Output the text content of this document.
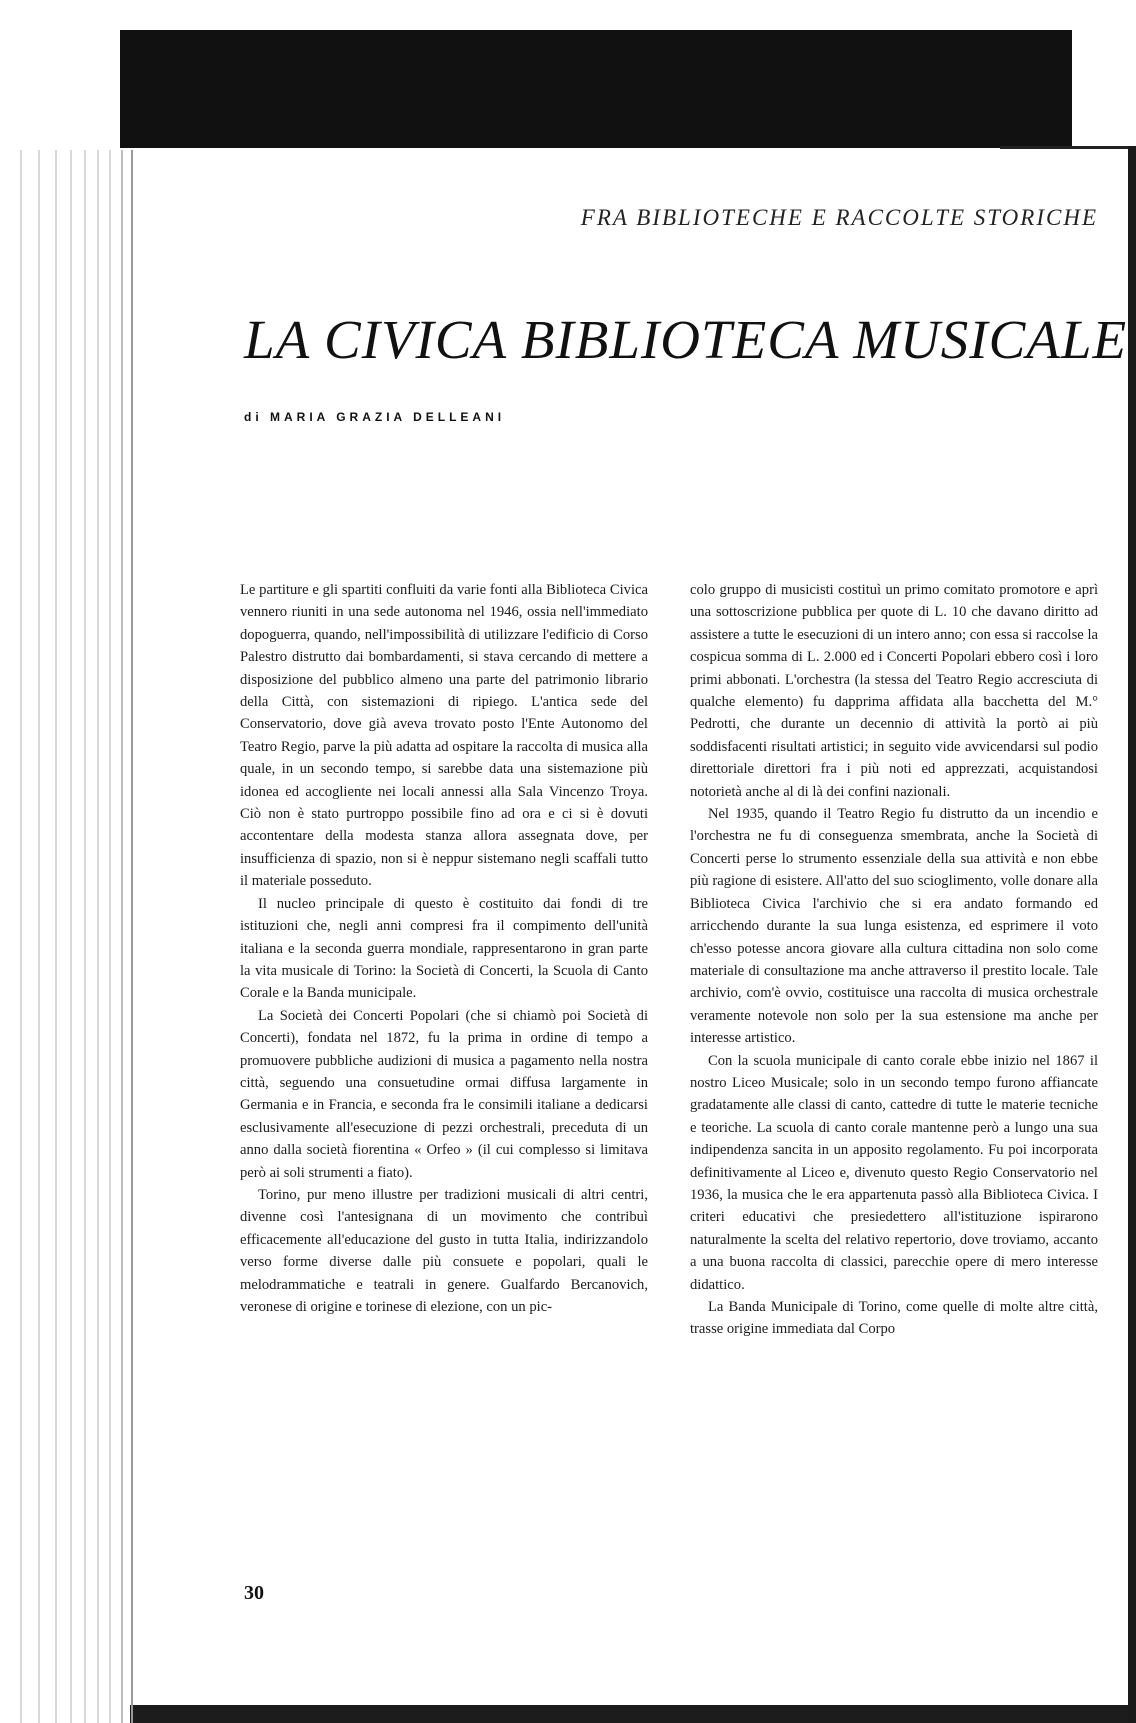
FRA BIBLIOTECHE E RACCOLTE STORICHE
LA CIVICA BIBLIOTECA MUSICALE
di MARIA GRAZIA DELLEANI

Le partiture e gli spartiti confluiti da varie fonti alla Biblioteca Civica vennero riuniti in una sede autonoma nel 1946, ossia nell'immediato dopoguerra, quando, nell'impossibilità di utilizzare l'edificio di Corso Palestro distrutto dai bombardamenti, si stava cercando di mettere a disposizione del pubblico almeno una parte del patrimonio librario della Città, con sistemazioni di ripiego. L'antica sede del Conservatorio, dove già aveva trovato posto l'Ente Autonomo del Teatro Regio, parve la più adatta ad ospitare la raccolta di musica alla quale, in un secondo tempo, si sarebbe data una sistemazione più idonea ed accogliente nei locali annessi alla Sala Vincenzo Troya. Ciò non è stato purtroppo possibile fino ad ora e ci si è dovuti accontentare della modesta stanza allora assegnata dove, per insufficienza di spazio, non si è neppur sistemano negli scaffali tutto il materiale posseduto.

Il nucleo principale di questo è costituito dai fondi di tre istituzioni che, negli anni compresi fra il compimento dell'unità italiana e la seconda guerra mondiale, rappresentarono in gran parte la vita musicale di Torino: la Società di Concerti, la Scuola di Canto Corale e la Banda municipale.

La Società dei Concerti Popolari (che si chiamò poi Società di Concerti), fondata nel 1872, fu la prima in ordine di tempo a promuovere pubbliche audizioni di musica a pagamento nella nostra città, seguendo una consuetudine ormai diffusa largamente in Germania e in Francia, e seconda fra le consimili italiane a dedicarsi esclusivamente all'esecuzione di pezzi orchestrali, preceduta di un anno dalla società fiorentina « Orfeo » (il cui complesso si limitava però ai soli strumenti a fiato).

Torino, pur meno illustre per tradizioni musicali di altri centri, divenne così l'antesignana di un movimento che contribuì efficacemente all'educazione del gusto in tutta Italia, indirizzandolo verso forme diverse dalle più consuete e popolari, quali le melodrammatiche e teatrali in genere. Gualfardo Bercanovich, veronese di origine e torinese di elezione, con un pic-

colo gruppo di musicisti costituì un primo comitato promotore e aprì una sottoscrizione pubblica per quote di L. 10 che davano diritto ad assistere a tutte le esecuzioni di un intero anno; con essa si raccolse la cospicua somma di L. 2.000 ed i Concerti Popolari ebbero così i loro primi abbonati. L'orchestra (la stessa del Teatro Regio accresciuta di qualche elemento) fu dapprima affidata alla bacchetta del M.° Pedrotti, che durante un decennio di attività la portò ai più soddisfacenti risultati artistici; in seguito vide avvicendarsi sul podio direttoriale direttori fra i più noti ed apprezzati, acquistandosi notorietà anche al di là dei confini nazionali.

Nel 1935, quando il Teatro Regio fu distrutto da un incendio e l'orchestra ne fu di conseguenza smembrata, anche la Società di Concerti perse lo strumento essenziale della sua attività e non ebbe più ragione di esistere. All'atto del suo scioglimento, volle donare alla Biblioteca Civica l'archivio che si era andato formando ed arricchendo durante la sua lunga esistenza, ed esprimere il voto ch'esso potesse ancora giovare alla cultura cittadina non solo come materiale di consultazione ma anche attraverso il prestito locale. Tale archivio, com'è ovvio, costituisce una raccolta di musica orchestrale veramente notevole non solo per la sua estensione ma anche per interesse artistico.

Con la scuola municipale di canto corale ebbe inizio nel 1867 il nostro Liceo Musicale; solo in un secondo tempo furono affiancate gradatamente alle classi di canto, cattedre di tutte le materie tecniche e teoriche. La scuola di canto corale mantenne però a lungo una sua indipendenza sancita in un apposito regolamento. Fu poi incorporata definitivamente al Liceo e, divenuto questo Regio Conservatorio nel 1936, la musica che le era appartenuta passò alla Biblioteca Civica. I criteri educativi che presiedettero all'istituzione ispirarono naturalmente la scelta del relativo repertorio, dove troviamo, accanto a una buona raccolta di classici, parecchie opere di mero interesse didattico.

La Banda Municipale di Torino, come quelle di molte altre città, trasse origine immediata dal Corpo

30
